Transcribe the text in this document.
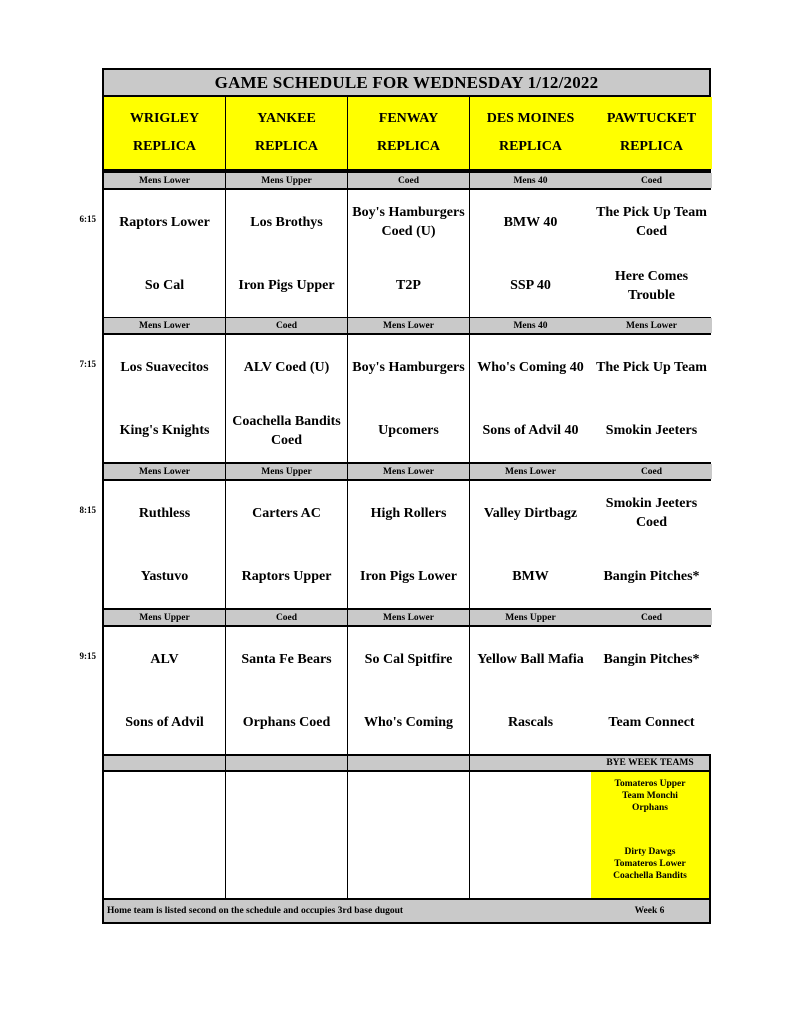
GAME SCHEDULE FOR WEDNESDAY 1/12/2022
WRIGLEY
REPLICA
YANKEE
REPLICA
FENWAY
REPLICA
DES MOINES
REPLICA
PAWTUCKET
REPLICA
Mens Lower
Raptors Lower
So Cal
Mens Upper
Los Brothys
Iron Pigs Upper
Coed
Boy's Hamburgers Coed (U)
T2P
Mens 40
BMW 40
SSP 40
Coed
The Pick Up Team Coed
Here Comes Trouble
Mens Lower
Los Suavecitos
King's Knights
Coed
ALV Coed (U)
Coachella Bandits Coed
Mens Lower
Boy's Hamburgers
Upcomers
Mens 40
Who's Coming 40
Sons of Advil 40
Mens Lower
The Pick Up Team
Smokin Jeeters
Mens Lower
Ruthless
Yastuvo
Mens Upper
Carters AC
Raptors Upper
Mens Lower
High Rollers
Iron Pigs Lower
Mens Lower
Valley Dirtbagz
BMW
Coed
Smokin Jeeters Coed
Bangin Pitches*
Mens Upper
ALV
Sons of Advil
Coed
Santa Fe Bears
Orphans Coed
Mens Lower
So Cal Spitfire
Who's Coming
Mens Upper
Yellow Ball Mafia
Rascals
Coed
Bangin Pitches*
Team Connect
BYE WEEK TEAMS
Tomateros Upper
Team Monchi
Orphans
Dirty Dawgs
Tomateros Lower
Coachella Bandits
Home team is listed second on the schedule and occupies 3rd base dugout	Week 6
6:15
7:15
8:15
9:15
